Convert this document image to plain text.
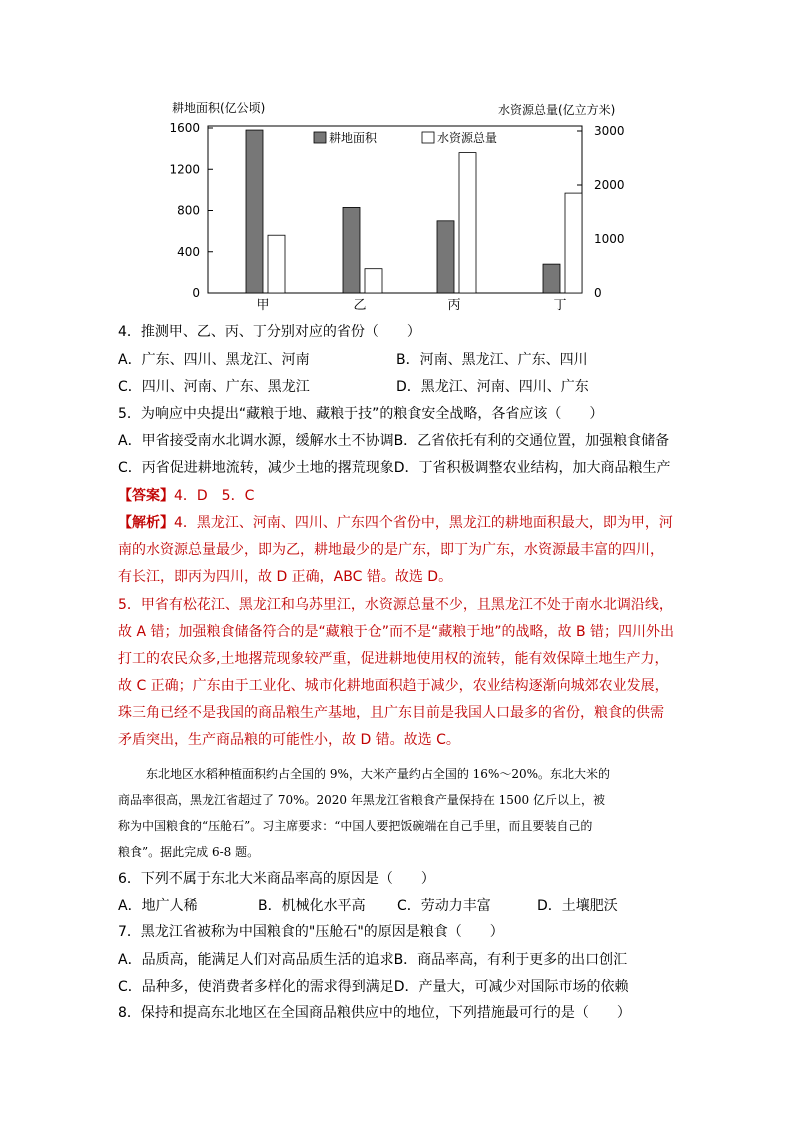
耕地面积(亿公顷)	水资源总量(亿立方米)
1600
1200
800
400
0
3000
2000
1000
0
甲	乙	丙	丁
耕地面积	水资源总量
4．推测甲、乙、丙、丁分别对应的省份（　　）
A．广东、四川、黑龙江、河南	B．河南、黑龙江、广东、四川
C．四川、河南、广东、黑龙江	D．黑龙江、河南、四川、广东
5．为响应中央提出“藏粮于地、藏粮于技”的粮食安全战略，各省应该（　　）
A．甲省接受南水北调水源，缓解水土不协调B．乙省依托有利的交通位置，加强粮食储备
C．丙省促进耕地流转，减少土地的撂荒现象D．丁省积极调整农业结构，加大商品粮生产
【答案】4．D　5．C
【解析】4．黑龙江、河南、四川、广东四个省份中，黑龙江的耕地面积最大，即为甲，河
南的水资源总量最少，即为乙，耕地最少的是广东，即丁为广东，水资源最丰富的四川，
有长江，即丙为四川，故 D 正确，ABC 错。故选 D。
5．甲省有松花江、黑龙江和乌苏里江，水资源总量不少，且黑龙江不处于南水北调沿线，
故 A 错；加强粮食储备符合的是“藏粮于仓”而不是“藏粮于地”的战略，故 B 错；四川外出
打工的农民众多,土地撂荒现象较严重，促进耕地使用权的流转，能有效保障土地生产力，
故 C 正确；广东由于工业化、城市化耕地面积趋于减少，农业结构逐渐向城郊农业发展，
珠三角已经不是我国的商品粮生产基地，且广东目前是我国人口最多的省份，粮食的供需
矛盾突出，生产商品粮的可能性小，故 D 错。故选 C。
东北地区水稻种植面积约占全国的 9%，大米产量约占全国的 16%～20%。东北大米的
商品率很高，黑龙江省超过了 70%。2020 年黑龙江省粮食产量保持在 1500 亿斤以上，被
称为中国粮食的“压舱石”。习主席要求：“中国人要把饭碗端在自己手里，而且要装自己的
粮食”。据此完成 6-8 题。
6．下列不属于东北大米商品率高的原因是（　　）
A．地广人稀	B．机械化水平高 C．劳动力丰富	D．土壤肥沃
7．黑龙江省被称为中国粮食的"压舱石"的原因是粮食（　　）
A．品质高，能满足人们对高品质生活的追求B．商品率高，有利于更多的出口创汇
C．品种多，使消费者多样化的需求得到满足D．产量大，可减少对国际市场的依赖
8．保持和提高东北地区在全国商品粮供应中的地位，下列措施最可行的是（　　）
